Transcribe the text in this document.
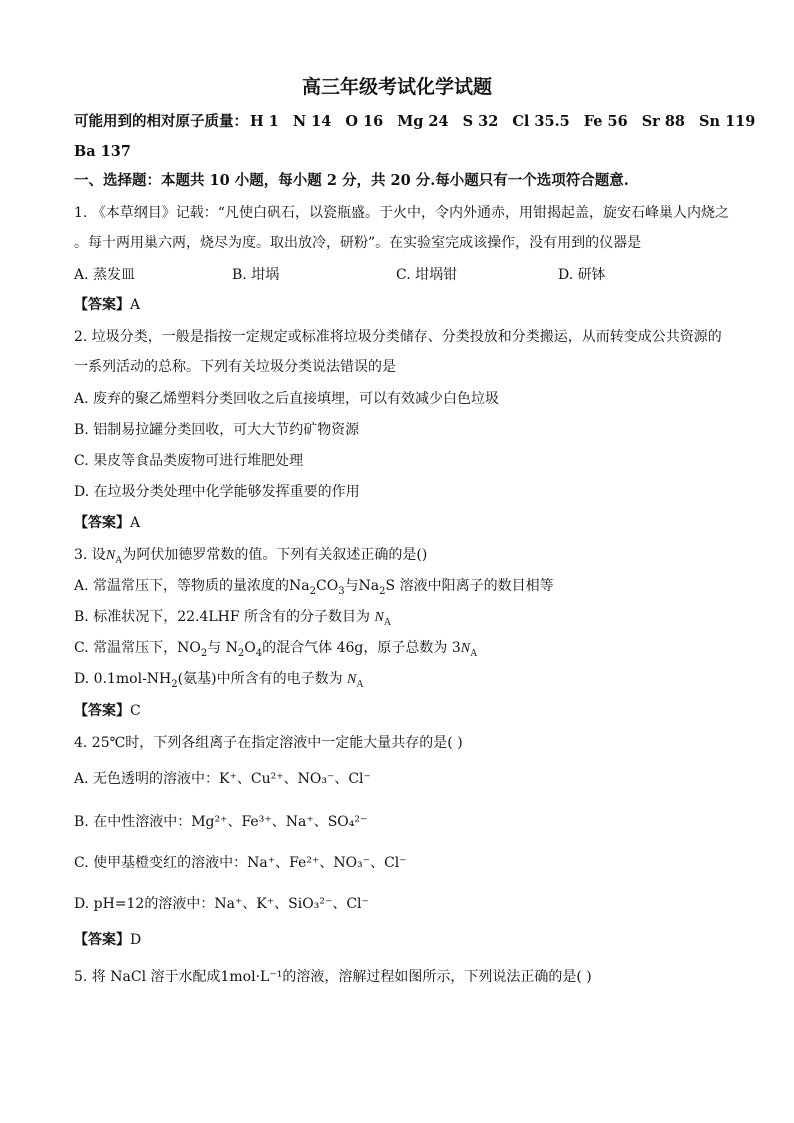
高三年级考试化学试题
可能用到的相对原子质量： H 1 N 14 O 16 Mg 24 S 32 Cl 35.5 Fe 56 Sr 88 Sn 119
Ba 137
一、选择题：本题共 10 小题，每小题 2 分，共 20 分.每小题只有一个选项符合题意.
1. 《本草纲目》记载：“凡使白矾石，以瓷瓶盛。于火中，令内外通赤，用钳揭起盖，旋安石峰巢人内烧之
。每十两用巢六两，烧尽为度。取出放冷，研粉”。在实验室完成该操作，没有用到的仪器是
A. 蒸发皿	B. 坩埚	C. 坩埚钳	D. 研钵
【答案】A
2. 垃圾分类，一般是指按一定规定或标准将垃圾分类储存、分类投放和分类搬运，从而转变成公共资源的
一系列活动的总称。下列有关垃圾分类说法错误的是
A. 废弃的聚乙烯塑料分类回收之后直接填埋，可以有效减少白色垃圾
B. 铝制易拉罐分类回收，可大大节约矿物资源
C. 果皮等食品类废物可进行堆肥处理
D. 在垃圾分类处理中化学能够发挥重要的作用
【答案】A
3. 设$N_A$为阿伏加德罗常数的值。下列有关叙述正确的是()
A. 常温常压下，等物质的量浓度的$Na_2CO_3$与$Na_2S$ 溶液中阳离子的数目相等
B. 标准状况下，22.4LHF 所含有的分子数目为 $N_A$
C. 常温常压下，$NO_2$与 $N_2O_4$的混合气体 46g，原子总数为 $3N_A$
D. $0.1mol-NH_2$(氨基)中所含有的电子数为 $N_A$
【答案】C
4. 25℃时，下列各组离子在指定溶液中一定能大量共存的是( )
A. 无色透明的溶液中：K⁺、Cu²⁺、NO₃⁻、Cl⁻
B. 在中性溶液中：Mg²⁺、Fe³⁺、Na⁺、SO₄²⁻
C. 使甲基橙变红的溶液中：Na⁺、Fe²⁺、NO₃⁻、Cl⁻
D. pH=12的溶液中：Na⁺、K⁺、SiO₃²⁻、Cl⁻
【答案】D
5. 将 NaCl 溶于水配成1mol·L⁻¹的溶液，溶解过程如图所示，下列说法正确的是( )
